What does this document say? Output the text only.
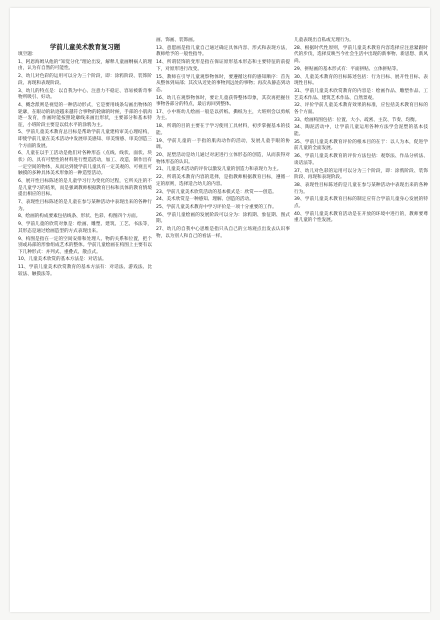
学前儿童美术教育复习题
填空题：
1、阿恩海姆从他的“知觉分化”理论出发，解释儿童画纲祸人的理由，认为有自然的可能性。
2、幼儿对色彩的运用可以分为三个阶段，即：涂鸦阶段、装饰阶段、再现和表现阶段。
3、幼儿的特点是：以自我为中心、注意力不稳定、容易被新奇事物所吸引、好动。
4、概念派则是视觉的一种活动形式，它是要用线条勾画出物体的轮廓，在眼动的轨迹越来越符合事物的轮廓的时候，手部的小肌肉逐一发育，作画时能按照轮廓线来画出形状，主要部分和基本特征，小班阶段主要是以低水平的涂鸦为主。
5、学前儿童美术教育总目标是帮助学前儿童建构审美心理结构，即使学前儿童在美术活动中发展审美感知、审美情感、审美创造三个方面的发展。
6、儿童在以手工活动是他们对各种形态（点线、线状、面状、块状）的、具有可塑性的材料进行塑造活动，加工、改造，制作出有一定空间的物体，从而达到使学前儿童具有一定美观的、可视且可触摸的多种具体美术形象的一种造型活动。
6、展开性目标陈述的是儿童学习行为变化的过程，它所关注的不是儿童学习的结果，而是强调教师根据教育目标和具体的教育情境提出相应的目标。
7、表现性目标陈述的是儿童在参与某种活动中表现出来的各种行为。
8、绘画的构成要素包括线条、形状、色彩、构图四个方面。
9、学前儿童的欣赏对象是：绘画、雕塑、建筑、工艺、书法等，其形态是通过绘画造型的方式表现出来。
9、构图是指在一定的空间安排和处理人、物的关系和位置，把个别或局部的形象组成艺术的整体。学前儿童绘画在构图上主要有以下几种形式：并列式、重叠式、散点式。
10、儿童美术欣赏的基本方法是：对话法。
11、学前儿童美术欣赏教育的基本方法有：对话法、游戏法、比较法、触摸法等。
画、饰画、装饰画。
13、意愿画是指儿童自己通过确定具体内容、形式和表现方法，教师给予的一般性指导。
14、所谓装饰的变形是指在保证原形基本形态和主要特征的前提下，对原形进行改变。
15、教师在引导儿童观察物体时，要遵循这样的感知顺序：首先从整体到局部；其次从近处的事物到远处的事物；再次从静态到动态。
16、幼儿在观察物体时，要让儿童获得整体印象，其次再把握住事物各部分的特点，最后再回到整体。
17、小中班幼儿绘画一般是以折纸、撕纸为主，大班则会以剪纸为主。
18、所谓的目的主要在于学习使用工具材料，初步掌握基本的技能。
19、学前儿童的一手指的肌肉动作的活动，发展儿童手眼的协调。
20、泥塑活动是幼儿通过对泥进行立体形态的创造，从而获得对物体形态的认识。
21、儿童美术活动的评价以激发儿童的创造力和表现力为主。
22、所谓美术教育内容的选择，是指教师根据教育目标，遵循一定的原则，选择适合幼儿的内容。
23、学前儿童美术欣赏活动的基本模式是：欣赏——创造。
24、美术欣赏是一种感知、理解、创造的活动。
25、学前儿童美术教育中学习评价是一项十分重要的工作。
26、学前儿童绘画的发展阶段可以分为：涂鸦期、象征期、图式期。
27、幼儿的自我中心思维是指只从自己的立场观点出发去认识事物，以为别人和自己的看法一样。
儿童表现出自私或无理行为。
28、根据时代性原则，学前儿童美术教育内容选择应注意紧跟时代的步伐，选择反映当今社会生活中出现的新事物、新思想、新风尚。
29、拼贴画的基本形式有：平面拼贴、立体拼贴等。
30、儿童美术教育的目标陈述包括：行为目标、展开性目标、表现性目标。
31、学前儿童美术欣赏教育的内容是：绘画作品、雕塑作品、工艺美术作品、建筑艺术作品、自然景观。
32、评价学前儿童美术教育效果的标准，应包括美术教育目标的各个方面。
33、绘画构图包括：位置、大小、疏密、主次、节奏、均衡。
34、陶泥活动中，让学前儿童运用各种方法学会泥塑的基本技能。
35、学前儿童美术教育评价的根本目的在于：以人为本，促进学前儿童的全面发展。
36、学前儿童美术教育的评价方法包括：观察法、作品分析法、谈话法等。
37、幼儿对色彩的运用可以分为三个阶段，即：涂鸦阶段、装饰阶段、再现和表现阶段。
38、表现性目标陈述的是儿童在参与某种活动中表现出来的各种行为。
39、学前儿童美术教育目标的制定应符合学前儿童身心发展的特点。
40、学前儿童美术教育活动是在开放的环境中进行的，教师要尊重儿童的个性发展。
